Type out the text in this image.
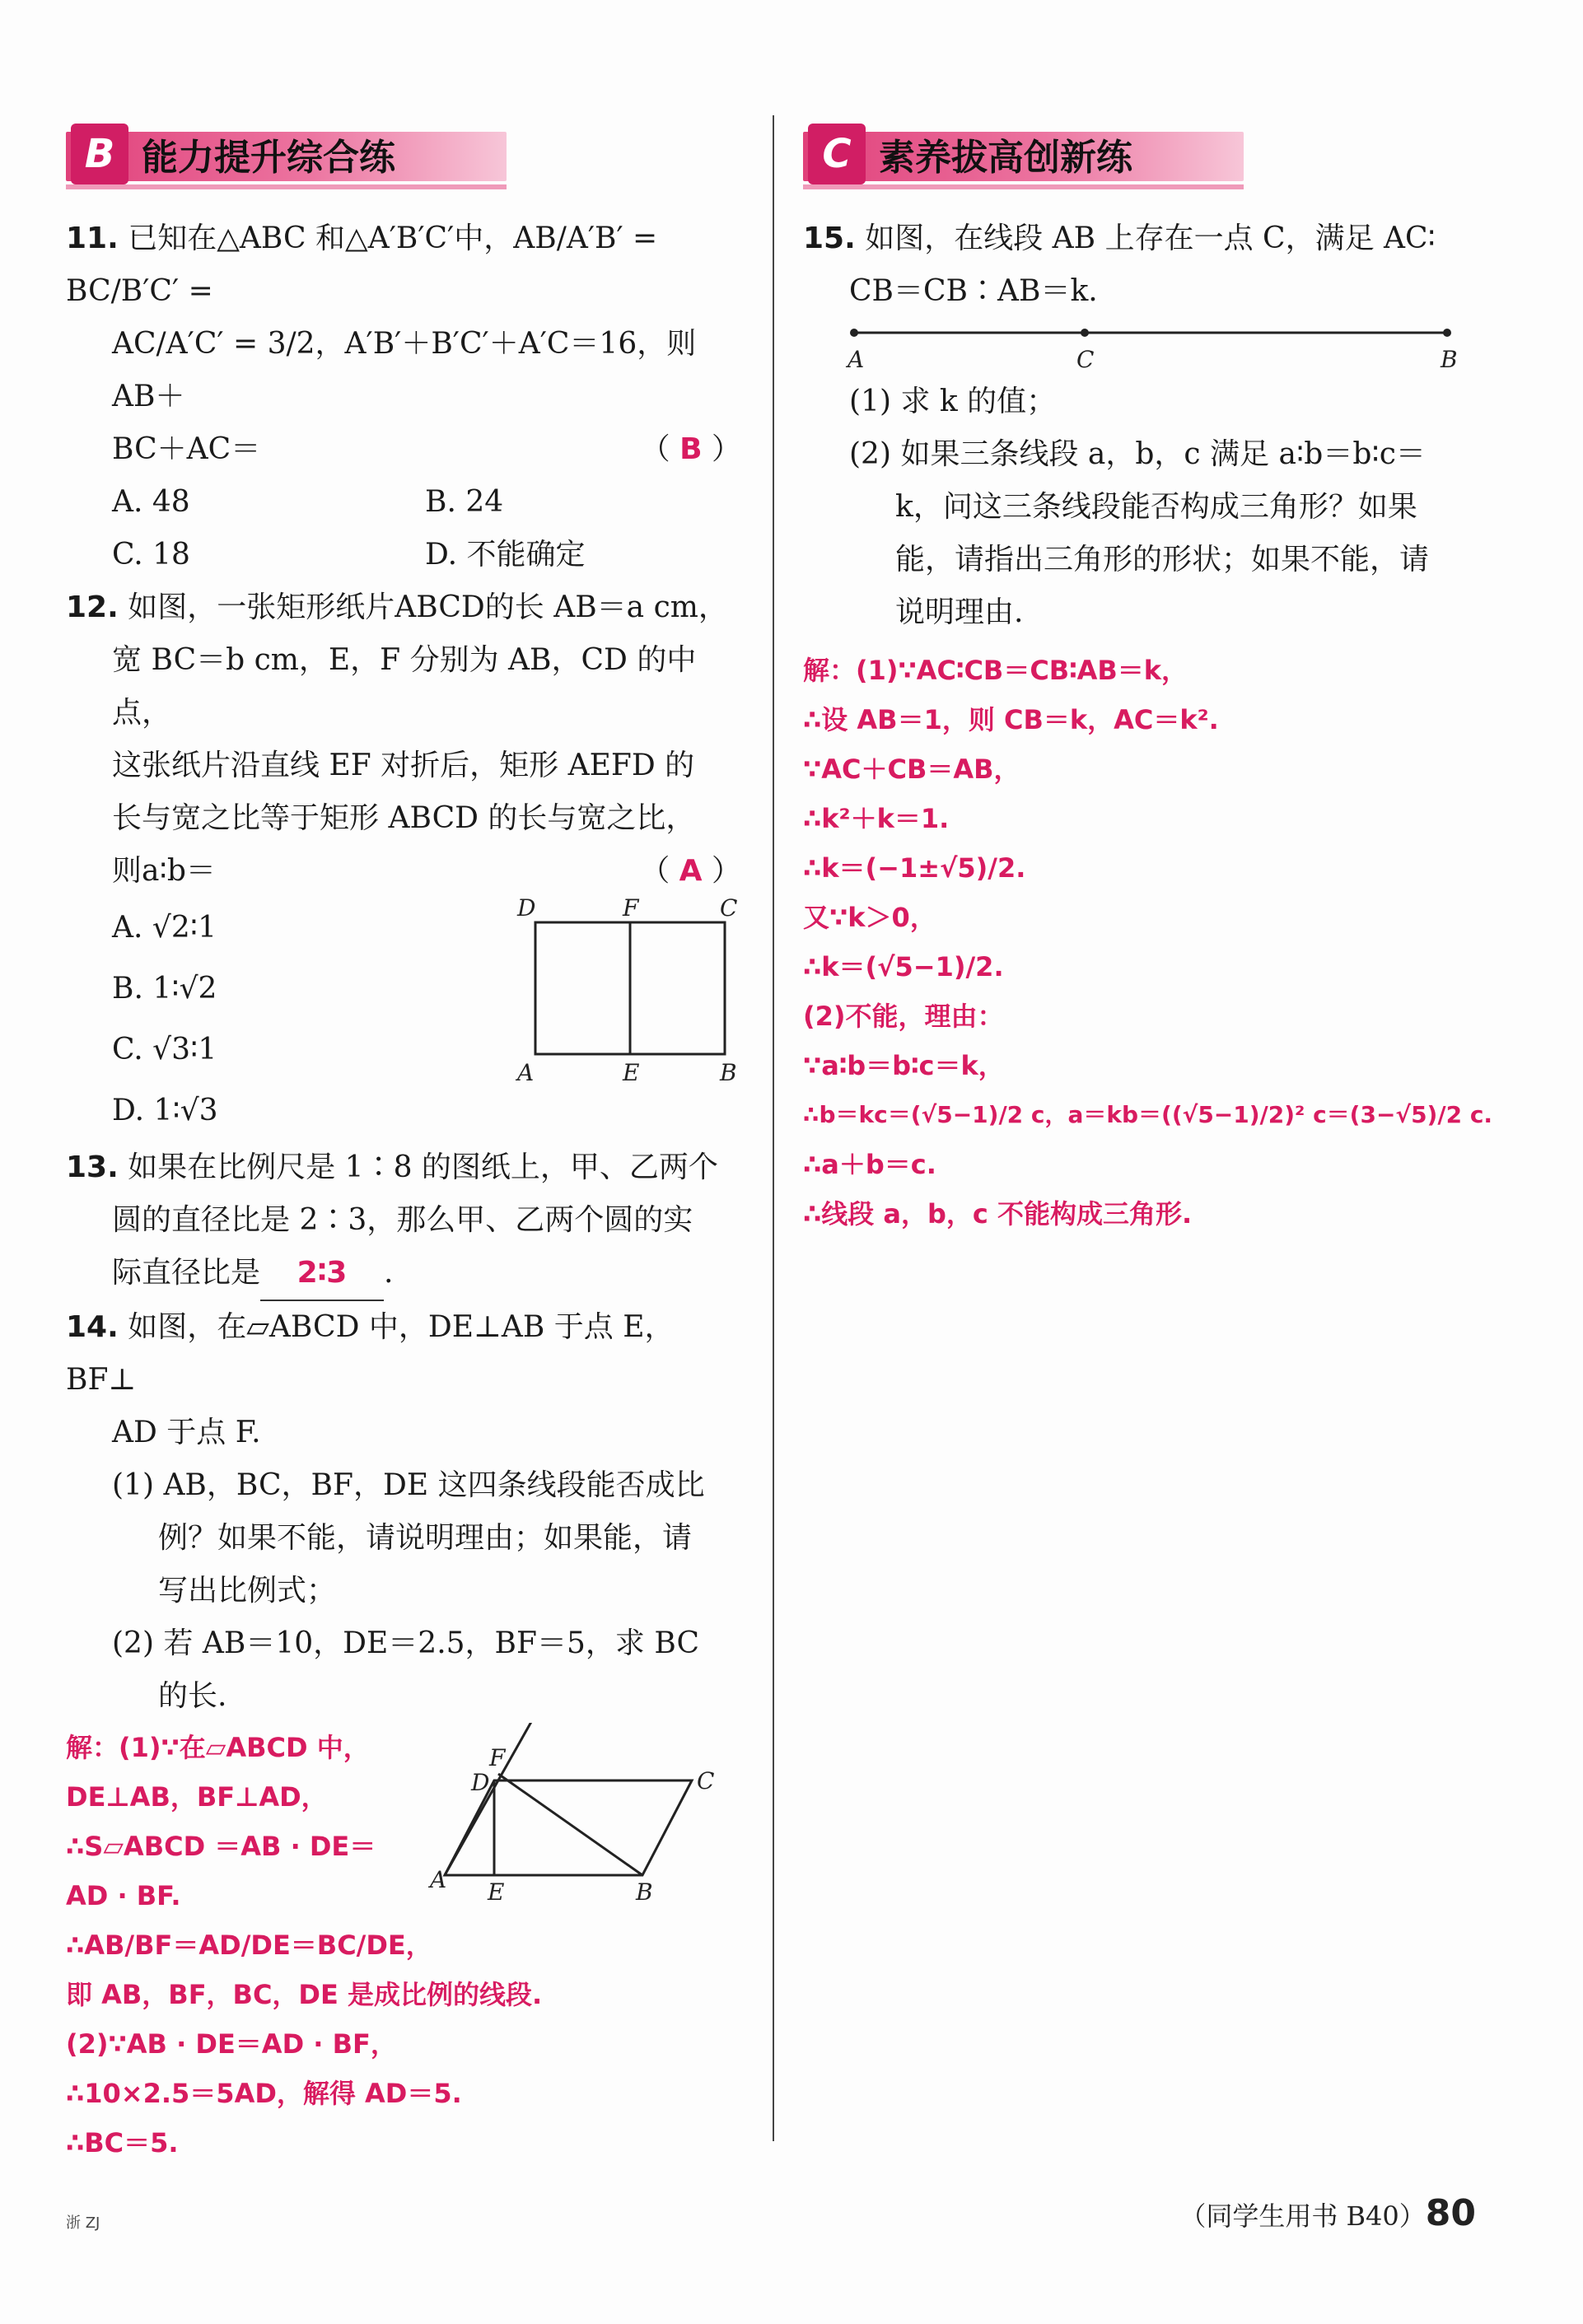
B 能力提升综合练
11. 已知在△ABC 和△A′B′C′中，AB/A′B′ = BC/B′C′ =
AC/A′C′ = 3/2，A′B′＋B′C′＋A′C＝16，则 AB＋
BC＋AC＝	（ B ）
A. 48	B. 24
C. 18	D. 不能确定
12. 如图，一张矩形纸片ABCD的长 AB＝a cm，
宽 BC＝b cm，E，F 分别为 AB，CD 的中点，
这张纸片沿直线 EF 对折后，矩形 AEFD 的
长与宽之比等于矩形 ABCD 的长与宽之比，
则a∶b＝	（ A ）
A. √2∶1
B. 1∶√2
C. √3∶1
D. 1∶√3
D	F	C
A	E	B
13. 如果在比例尺是 1∶8 的图纸上，甲、乙两个
圆的直径比是 2∶3，那么甲、乙两个圆的实
际直径比是 2∶3 .
14. 如图，在▱ABCD 中，DE⊥AB 于点 E，BF⊥
AD 于点 F.
(1) AB，BC，BF，DE 这四条线段能否成比
例？如果不能，请说明理由；如果能，请
写出比例式；
(2) 若 AB＝10，DE＝2.5，BF＝5，求 BC
的长.
解：(1)∵在▱ABCD 中，
DE⊥AB，BF⊥AD，
∴S▱ABCD ＝AB · DE＝
AD · BF.
∴AB/BF＝AD/DE＝BC/DE，
即 AB，BF，BC，DE 是成比例的线段.
(2)∵AB · DE＝AD · BF，
∴10×2.5＝5AD，解得 AD＝5.
∴BC＝5.
F
D	C
A E	B
C 素养拔高创新练
15. 如图，在线段 AB 上存在一点 C，满足 AC∶
CB＝CB∶AB＝k.
A	C	B
(1) 求 k 的值；
(2) 如果三条线段 a，b，c 满足 a∶b＝b∶c＝
k，问这三条线段能否构成三角形？如果
能，请指出三角形的形状；如果不能，请
说明理由.
解：(1)∵AC∶CB＝CB∶AB＝k，
∴设 AB＝1，则 CB＝k，AC＝k².
∵AC＋CB＝AB，
∴k²＋k＝1.
∴k＝(−1±√5)/2.
又∵k＞0，
∴k＝(√5−1)/2.
(2)不能，理由：
∵a∶b＝b∶c＝k，
∴b＝kc＝(√5−1)/2 c，a＝kb＝((√5−1)/2)² c＝(3−√5)/2 c.
∴a＋b＝c.
∴线段 a，b，c 不能构成三角形.
浙 ZJ	（同学生用书 B40）80
